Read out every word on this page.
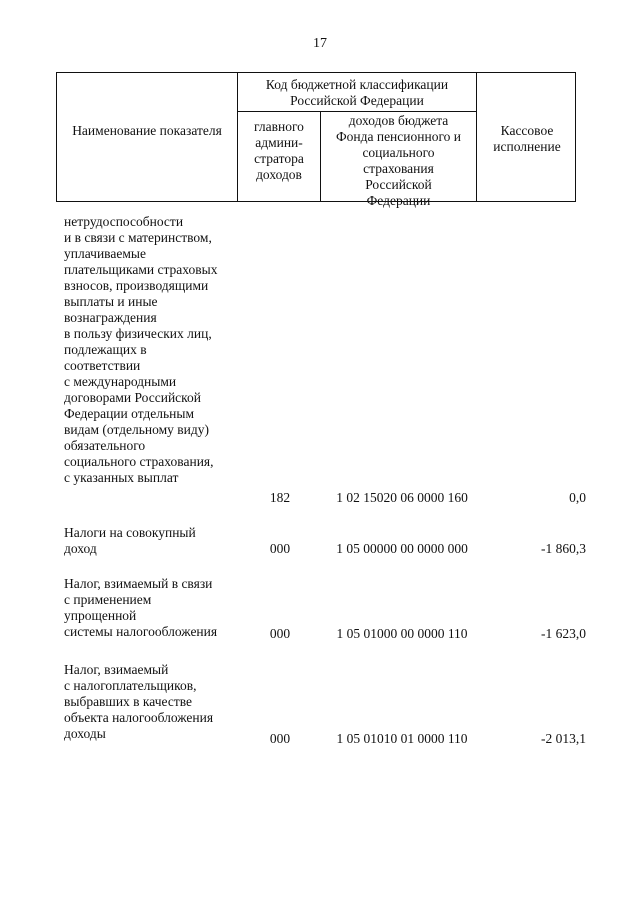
17
Наименование показателя
Код бюджетной классификации Российской Федерации
главного админи-стратора доходов
доходов бюджета Фонда пенсионного и социального страхования Российской Федерации
Кассовое исполнение
нетрудоспособности
и в связи с материнством,
уплачиваемые
плательщиками страховых
взносов, производящими
выплаты и иные
вознаграждения
в пользу физических лиц,
подлежащих в
соответствии
с международными
договорами Российской
Федерации отдельным
видам (отдельному виду)
обязательного
социального страхования,
с указанных выплат
182	1 02 15020 06 0000 160	0,0
Налоги на совокупный
доход	000	1 05 00000 00 0000 000	-1 860,3
Налог, взимаемый в связи
с применением
упрощенной
системы налогообложения	000	1 05 01000 00 0000 110	-1 623,0
Налог, взимаемый
с налогоплательщиков,
выбравших в качестве
объекта налогообложения
доходы	000	1 05 01010 01 0000 110	-2 013,1
